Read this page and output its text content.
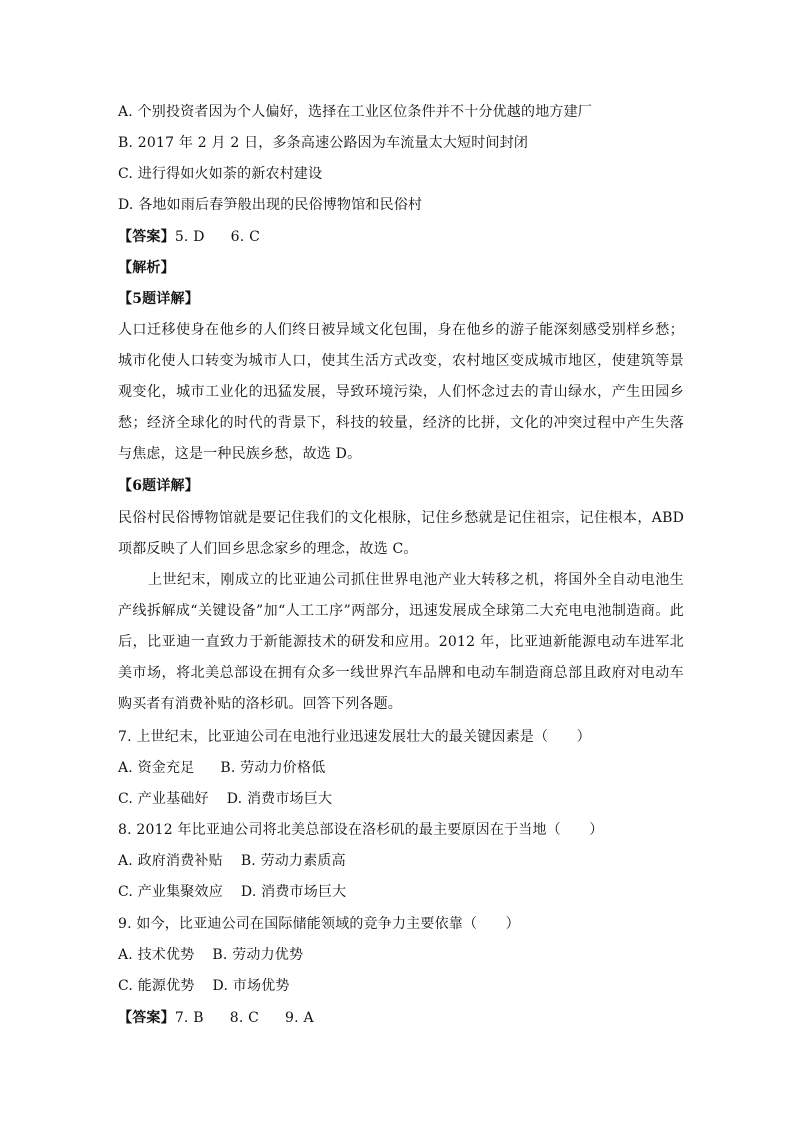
A. 个别投资者因为个人偏好，选择在工业区位条件并不十分优越的地方建厂
B. 2017 年 2 月 2 日，多条高速公路因为车流量太大短时间封闭
C. 进行得如火如荼的新农村建设
D. 各地如雨后春笋般出现的民俗博物馆和民俗村
【答案】5. D 6. C
【解析】
【5题详解】
人口迁移使身在他乡的人们终日被异域文化包围，身在他乡的游子能深刻感受别样乡愁；城市化使人口转变为城市人口，使其生活方式改变，农村地区变成城市地区，使建筑等景观变化，城市工业化的迅猛发展，导致环境污染，人们怀念过去的青山绿水，产生田园乡愁；经济全球化的时代的背景下，科技的较量，经济的比拼，文化的冲突过程中产生失落与焦虑，这是一种民族乡愁，故选 D。
【6题详解】
民俗村民俗博物馆就是要记住我们的文化根脉，记住乡愁就是记住祖宗，记住根本，ABD 项都反映了人们回乡思念家乡的理念，故选 C。
上世纪末，刚成立的比亚迪公司抓住世界电池产业大转移之机，将国外全自动电池生产线拆解成“关键设备”加“人工工序”两部分，迅速发展成全球第二大充电电池制造商。此后，比亚迪一直致力于新能源技术的研发和应用。2012 年，比亚迪新能源电动车进军北美市场，将北美总部设在拥有众多一线世界汽车品牌和电动车制造商总部且政府对电动车购买者有消费补贴的洛杉矶。回答下列各题。
7. 上世纪末，比亚迪公司在电池行业迅速发展壮大的最关键因素是（　　）
A. 资金充足 B. 劳动力价格低
C. 产业基础好 D. 消费市场巨大
8. 2012 年比亚迪公司将北美总部设在洛杉矶的最主要原因在于当地（　　）
A. 政府消费补贴 B. 劳动力素质高
C. 产业集聚效应 D. 消费市场巨大
9. 如今，比亚迪公司在国际储能领域的竞争力主要依靠（　　）
A. 技术优势 B. 劳动力优势
C. 能源优势 D. 市场优势
【答案】7. B 8. C 9. A
